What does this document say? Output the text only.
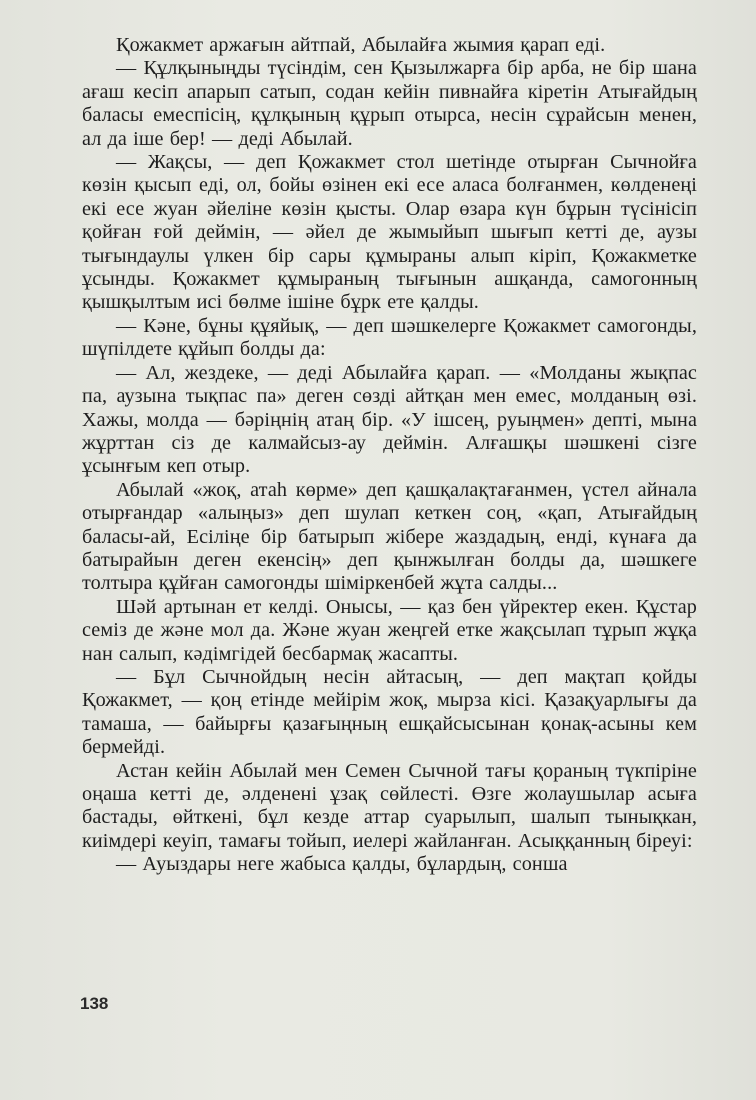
Қожакмет аржағын айтпай, Абылайға жымия қарап еді.

— Құлқыныңды түсіндім, сен Қызылжарға бір арба, не бір шана ағаш кесіп апарып сатып, содан кейін пивнайға кіретін Атығайдың баласы емеспісің, құлқының құрып отырса, несін сұрайсын менен, ал да іше бер! — деді Абылай.

— Жақсы, — деп Қожакмет стол шетінде отырған Сычнойға көзін қысып еді, ол, бойы өзінен екі есе аласа болғанмен, көлденеңі екі есе жуан әйеліне көзін қысты. Олар өзара күн бұрын түсінісіп қойған ғой деймін, — әйел де жымыйып шығып кетті де, аузы тығындаулы үлкен бір сары құмыраны алып кіріп, Қожакметке ұсынды. Қожакмет құмыраның тығынын ашқанда, самогонның қышқылтым исі бөлме ішіне бұрк ете қалды.

— Кәне, бұны құяйық, — деп шәшкелерге Қожакмет самогонды, шүпілдете құйып болды да:

— Ал, жездеке, — деді Абылайға қарап. — «Молданы жықпас па, аузына тықпас па» деген сөзді айтқан мен емес, молданың өзі. Хажы, молда — бәріңнің атаң бір. «У ішсең, руыңмен» депті, мына жұрттан сіз де калмайсыз-ау деймін. Алғашқы шәшкені сізге ұсынғым кеп отыр.

Абылай «жоқ, атаһ көрме» деп қашқалақтағанмен, үстел айнала отырғандар «алыңыз» деп шулап кеткен соң, «қап, Атығайдың баласы-ай, Есіліңе бір батырып жібере жаздадың, енді, күнаға да батырайын деген екенсің» деп қынжылған болды да, шәшкеге толтыра құйған самогонды шіміркенбей жұта салды...

Шәй артынан ет келді. Онысы, — қаз бен үйректер екен. Құстар семіз де және мол да. Және жуан жеңгей етке жақсылап тұрып жұқа нан салып, кәдімгідей бесбармақ жасапты.

— Бұл Сычнойдың несін айтасың, — деп мақтап қойды Қожакмет, — қоң етінде мейірім жоқ, мырза кісі. Қазақуарлығы да тамаша, — байырғы қазағыңның ешқайсысынан қонақ-асыны кем бермейді.

Астан кейін Абылай мен Семен Сычной тағы қораның түкпіріне оңаша кетті де, әлденені ұзақ сөйлесті. Өзге жолаушылар асыға бастады, өйткені, бұл кезде аттар суарылып, шалып тынықкан, киімдері кеуіп, тамағы тойып, иелері жайланған. Асыққанның біреуі:

— Ауыздары неге жабыса қалды, бұлардың, сонша

138
